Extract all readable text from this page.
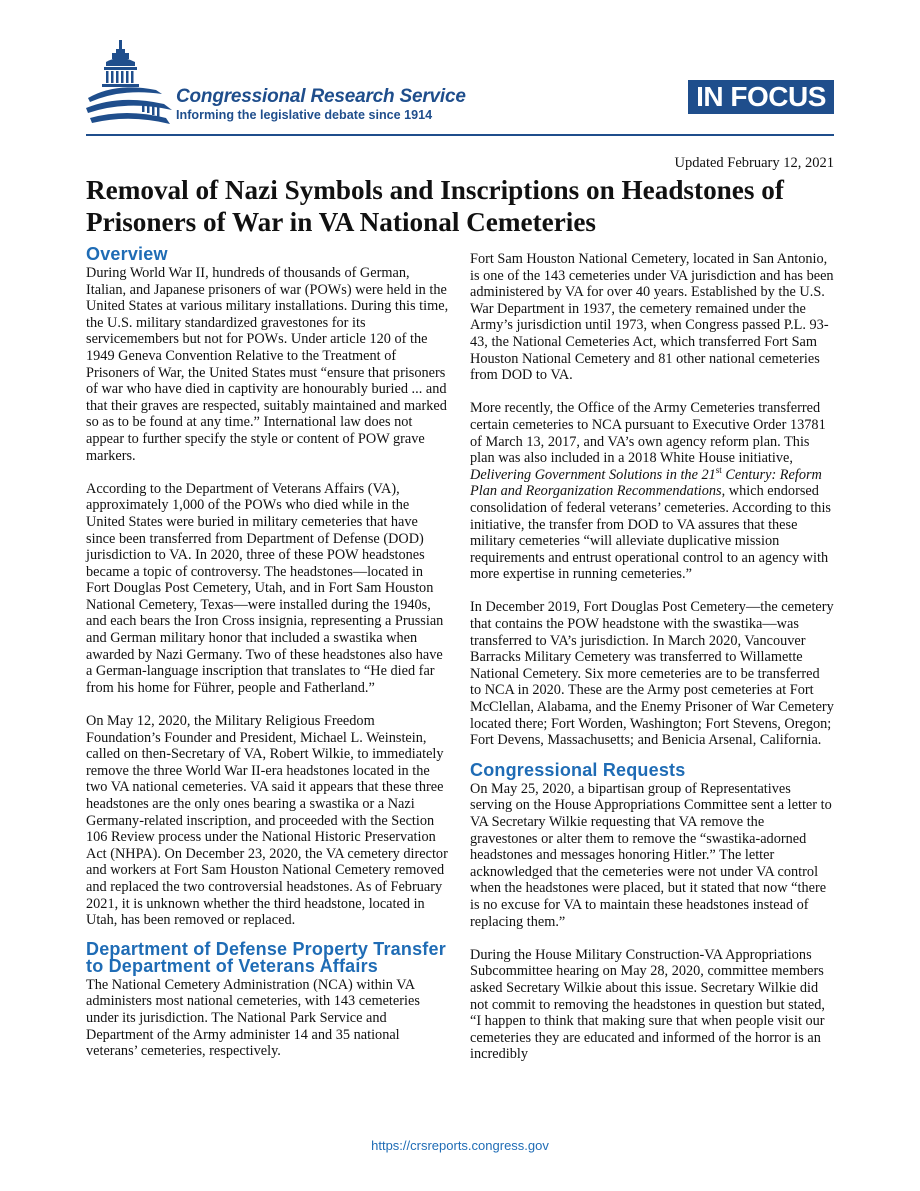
Congressional Research Service
Informing the legislative debate since 1914
IN FOCUS
Updated February 12, 2021
Removal of Nazi Symbols and Inscriptions on Headstones of Prisoners of War in VA National Cemeteries
Overview

During World War II, hundreds of thousands of German, Italian, and Japanese prisoners of war (POWs) were held in the United States at various military installations. During this time, the U.S. military standardized gravestones for its servicemembers but not for POWs. Under article 120 of the 1949 Geneva Convention Relative to the Treatment of Prisoners of War, the United States must “ensure that prisoners of war who have died in captivity are honourably buried ... and that their graves are respected, suitably maintained and marked so as to be found at any time.” International law does not appear to further specify the style or content of POW grave markers.

According to the Department of Veterans Affairs (VA), approximately 1,000 of the POWs who died while in the United States were buried in military cemeteries that have since been transferred from Department of Defense (DOD) jurisdiction to VA. In 2020, three of these POW headstones became a topic of controversy. The headstones—located in Fort Douglas Post Cemetery, Utah, and in Fort Sam Houston National Cemetery, Texas—were installed during the 1940s, and each bears the Iron Cross insignia, representing a Prussian and German military honor that included a swastika when awarded by Nazi Germany. Two of these headstones also have a German-language inscription that translates to “He died far from his home for Führer, people and Fatherland.”

On May 12, 2020, the Military Religious Freedom Foundation’s Founder and President, Michael L. Weinstein, called on then-Secretary of VA, Robert Wilkie, to immediately remove the three World War II-era headstones located in the two VA national cemeteries. VA said it appears that these three headstones are the only ones bearing a swastika or a Nazi Germany-related inscription, and proceeded with the Section 106 Review process under the National Historic Preservation Act (NHPA). On December 23, 2020, the VA cemetery director and workers at Fort Sam Houston National Cemetery removed and replaced the two controversial headstones. As of February 2021, it is unknown whether the third headstone, located in Utah, has been removed or replaced.

Department of Defense Property Transfer to Department of Veterans Affairs

The National Cemetery Administration (NCA) within VA administers most national cemeteries, with 143 cemeteries under its jurisdiction. The National Park Service and Department of the Army administer 14 and 35 national veterans’ cemeteries, respectively.

Fort Sam Houston National Cemetery, located in San Antonio, is one of the 143 cemeteries under VA jurisdiction and has been administered by VA for over 40 years. Established by the U.S. War Department in 1937, the cemetery remained under the Army’s jurisdiction until 1973, when Congress passed P.L. 93-43, the National Cemeteries Act, which transferred Fort Sam Houston National Cemetery and 81 other national cemeteries from DOD to VA.

More recently, the Office of the Army Cemeteries transferred certain cemeteries to NCA pursuant to Executive Order 13781 of March 13, 2017, and VA’s own agency reform plan. This plan was also included in a 2018 White House initiative, Delivering Government Solutions in the 21st Century: Reform Plan and Reorganization Recommendations, which endorsed consolidation of federal veterans’ cemeteries. According to this initiative, the transfer from DOD to VA assures that these military cemeteries “will alleviate duplicative mission requirements and entrust operational control to an agency with more expertise in running cemeteries.”

In December 2019, Fort Douglas Post Cemetery—the cemetery that contains the POW headstone with the swastika—was transferred to VA’s jurisdiction. In March 2020, Vancouver Barracks Military Cemetery was transferred to Willamette National Cemetery. Six more cemeteries are to be transferred to NCA in 2020. These are the Army post cemeteries at Fort McClellan, Alabama, and the Enemy Prisoner of War Cemetery located there; Fort Worden, Washington; Fort Stevens, Oregon; Fort Devens, Massachusetts; and Benicia Arsenal, California.

Congressional Requests

On May 25, 2020, a bipartisan group of Representatives serving on the House Appropriations Committee sent a letter to VA Secretary Wilkie requesting that VA remove the gravestones or alter them to remove the “swastika-adorned headstones and messages honoring Hitler.” The letter acknowledged that the cemeteries were not under VA control when the headstones were placed, but it stated that now “there is no excuse for VA to maintain these headstones instead of replacing them.”

During the House Military Construction-VA Appropriations Subcommittee hearing on May 28, 2020, committee members asked Secretary Wilkie about this issue. Secretary Wilkie did not commit to removing the headstones in question but stated, “I happen to think that making sure that when people visit our cemeteries they are educated and informed of the horror is an incredibly

https://crsreports.congress.gov
